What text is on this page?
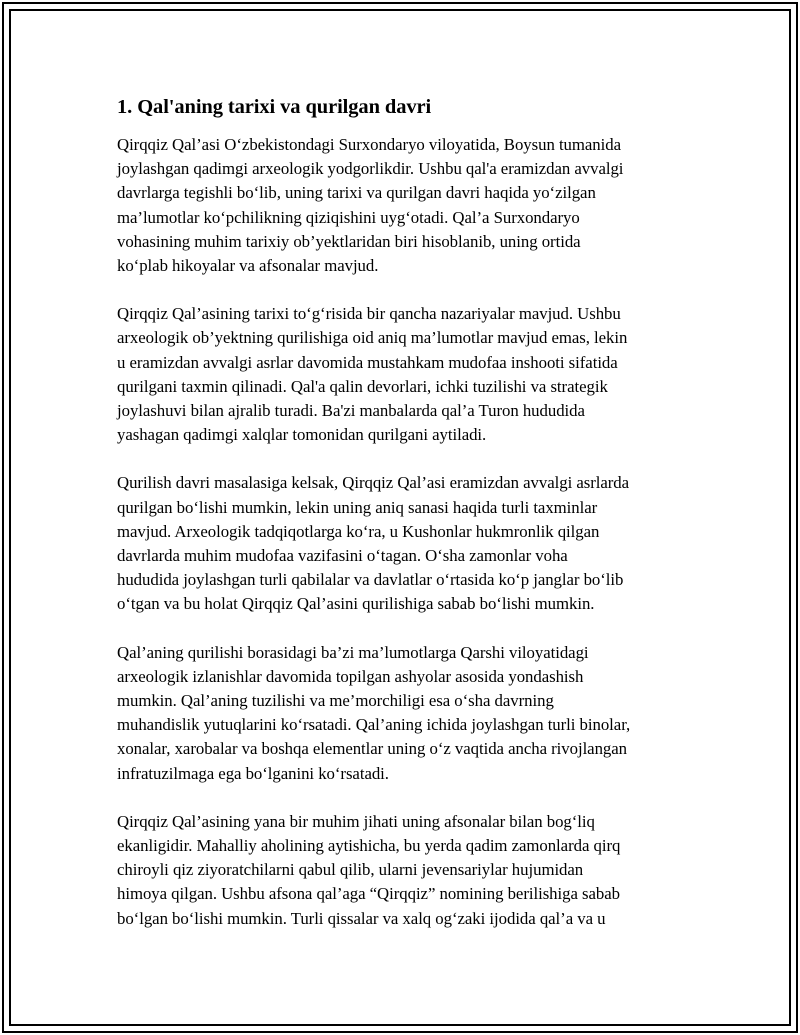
1. Qal'aning tarixi va qurilgan davri

Qirqqiz Qal’asi O‘zbekistondagi Surxondaryo viloyatida, Boysun tumanida
joylashgan qadimgi arxeologik yodgorlikdir. Ushbu qal'a eramizdan avvalgi
davrlarga tegishli bo‘lib, uning tarixi va qurilgan davri haqida yo‘zilgan
ma’lumotlar ko‘pchilikning qiziqishini uyg‘otadi. Qal’a Surxondaryo
vohasining muhim tarixiy ob’yektlaridan biri hisoblanib, uning ortida
ko‘plab hikoyalar va afsonalar mavjud.

Qirqqiz Qal’asining tarixi to‘g‘risida bir qancha nazariyalar mavjud. Ushbu
arxeologik ob’yektning qurilishiga oid aniq ma’lumotlar mavjud emas, lekin
u eramizdan avvalgi asrlar davomida mustahkam mudofaa inshooti sifatida
qurilgani taxmin qilinadi. Qal'a qalin devorlari, ichki tuzilishi va strategik
joylashuvi bilan ajralib turadi. Ba'zi manbalarda qal’a Turon hududida
yashagan qadimgi xalqlar tomonidan qurilgani aytiladi.

Qurilish davri masalasiga kelsak, Qirqqiz Qal’asi eramizdan avvalgi asrlarda
qurilgan bo‘lishi mumkin, lekin uning aniq sanasi haqida turli taxminlar
mavjud. Arxeologik tadqiqotlarga ko‘ra, u Kushonlar hukmronlik qilgan
davrlarda muhim mudofaa vazifasini o‘tagan. O‘sha zamonlar voha
hududida joylashgan turli qabilalar va davlatlar o‘rtasida ko‘p janglar bo‘lib
o‘tgan va bu holat Qirqqiz Qal’asini qurilishiga sabab bo‘lishi mumkin.

Qal’aning qurilishi borasidagi ba’zi ma’lumotlarga Qarshi viloyatidagi
arxeologik izlanishlar davomida topilgan ashyolar asosida yondashish
mumkin. Qal’aning tuzilishi va me’morchiligi esa o‘sha davrning
muhandislik yutuqlarini ko‘rsatadi. Qal’aning ichida joylashgan turli binolar,
xonalar, xarobalar va boshqa elementlar uning o‘z vaqtida ancha rivojlangan
infratuzilmaga ega bo‘lganini ko‘rsatadi.

Qirqqiz Qal’asining yana bir muhim jihati uning afsonalar bilan bog‘liq
ekanligidir. Mahalliy aholining aytishicha, bu yerda qadim zamonlarda qirq
chiroyli qiz ziyoratchilarni qabul qilib, ularni jevensariylar hujumidan
himoya qilgan. Ushbu afsona qal’aga “Qirqqiz” nomining berilishiga sabab
bo‘lgan bo‘lishi mumkin. Turli qissalar va xalq og‘zaki ijodida qal’a va u
